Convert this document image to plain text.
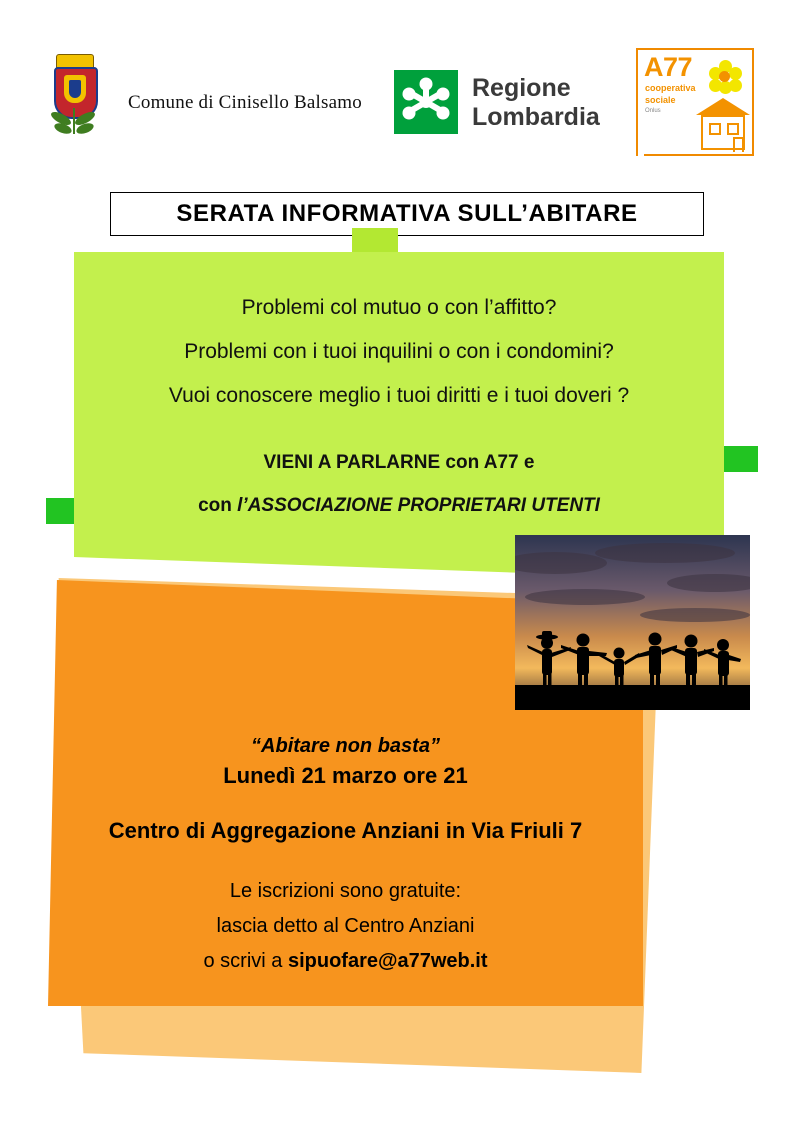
Comune di Cinisello Balsamo
Regione
Lombardia
A77
cooperativa
sociale
Onlus
SERATA INFORMATIVA SULL’ABITARE
Problemi col mutuo o con l’affitto?
Problemi con i tuoi inquilini o con i condomini?
Vuoi conoscere meglio i tuoi diritti e i tuoi doveri ?
VIENI A PARLARNE con A77 e
con l’ASSOCIAZIONE PROPRIETARI UTENTI
“Abitare non basta”
Lunedì 21 marzo ore 21
Centro di Aggregazione Anziani in Via Friuli 7
Le iscrizioni sono gratuite:
lascia detto al Centro Anziani
o scrivi a sipuofare@a77web.it
